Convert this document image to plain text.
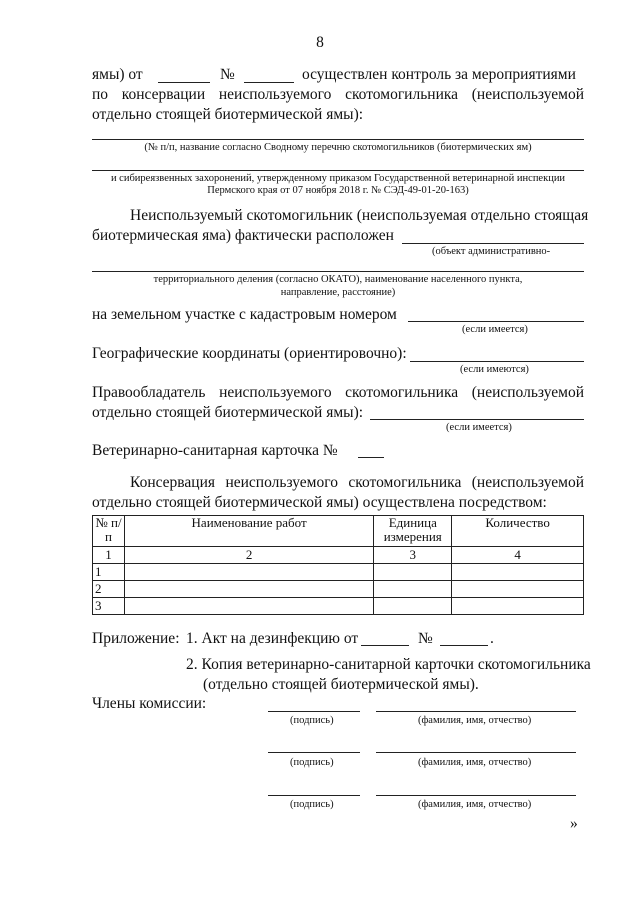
8
ямы) от	№	осуществлен контроль за мероприятиями
по консервации неиспользуемого скотомогильника (неиспользуемой
отдельно стоящей биотермической ямы):
(№ п/п, название согласно Сводному перечню скотомогильников (биотермических ям)
и сибиреязвенных захоронений, утвержденному приказом Государственной ветеринарной инспекции
Пермского края от 07 ноября 2018 г. № СЭД-49-01-20-163)
Неиспользуемый скотомогильник (неиспользуемая отдельно стоящая
биотермическая яма) фактически расположен
(объект административно-
территориального деления (согласно ОКАТО), наименование населенного пункта,
направление, расстояние)
на земельном участке с кадастровым номером
(если имеется)
Географические координаты (ориентировочно):
(если имеются)
Правообладатель неиспользуемого скотомогильника (неиспользуемой
отдельно стоящей биотермической ямы):
(если имеется)
Ветеринарно-санитарная карточка №
Консервация неиспользуемого скотомогильника (неиспользуемой
отдельно стоящей биотермической ямы) осуществлена посредством:
№ п/п	Наименование работ	Единица измерения	Количество
1	2	3	4
1			
2			
3			
Приложение: 1. Акт на дезинфекцию от	№	.
2. Копия ветеринарно-санитарной карточки скотомогильника
(отдельно стоящей биотермической ямы).
Члены комиссии:
(подпись)	(фамилия, имя, отчество)
(подпись)	(фамилия, имя, отчество)
(подпись)	(фамилия, имя, отчество)
»
